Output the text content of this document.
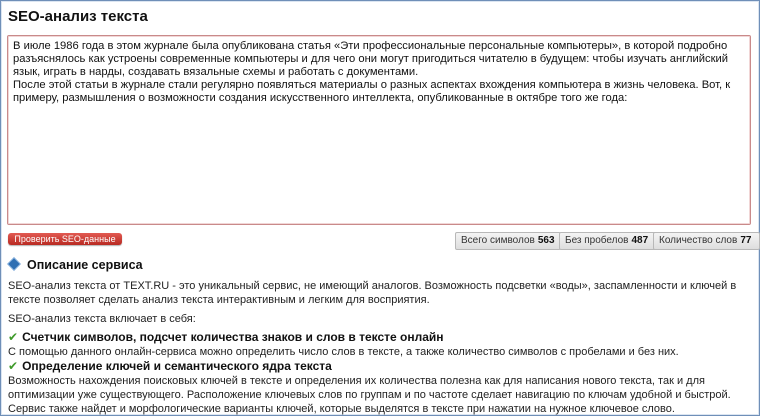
SEO-анализ текста
В июле 1986 года в этом журнале была опубликована статья «Эти профессиональные персональные компьютеры», в которой подробно разъяснялось как устроены современные компьютеры и для чего они могут пригодиться читателю в будущем: чтобы изучать английский язык, играть в нарды, создавать вязальные схемы и работать с документами. После этой статьи в журнале стали регулярно появляться материалы о разных аспектах вхождения компьютера в жизнь человека. Вот, к примеру, размышления о возможности создания искусственного интеллекта, опубликованные в октябре того же года:
Проверить SEO-данные	Всего символов 563	Без пробелов 487	Количество слов 77
Описание сервиса
SEO-анализ текста от TEXT.RU - это уникальный сервис, не имеющий аналогов. Возможность подсветки «воды», заспамленности и ключей в тексте позволяет сделать анализ текста интерактивным и легким для восприятия.
SEO-анализ текста включает в себя:
✔ Счетчик символов, подсчет количества знаков и слов в тексте онлайн
С помощью данного онлайн-сервиса можно определить число слов в тексте, а также количество символов с пробелами и без них.
✔ Определение ключей и семантического ядра текста
Возможность нахождения поисковых ключей в тексте и определения их количества полезна как для написания нового текста, так и для оптимизации уже существующего. Расположение ключевых слов по группам и по частоте сделает навигацию по ключам удобной и быстрой. Сервис также найдет и морфологические варианты ключей, которые выделятся в тексте при нажатии на нужное ключевое слово.
